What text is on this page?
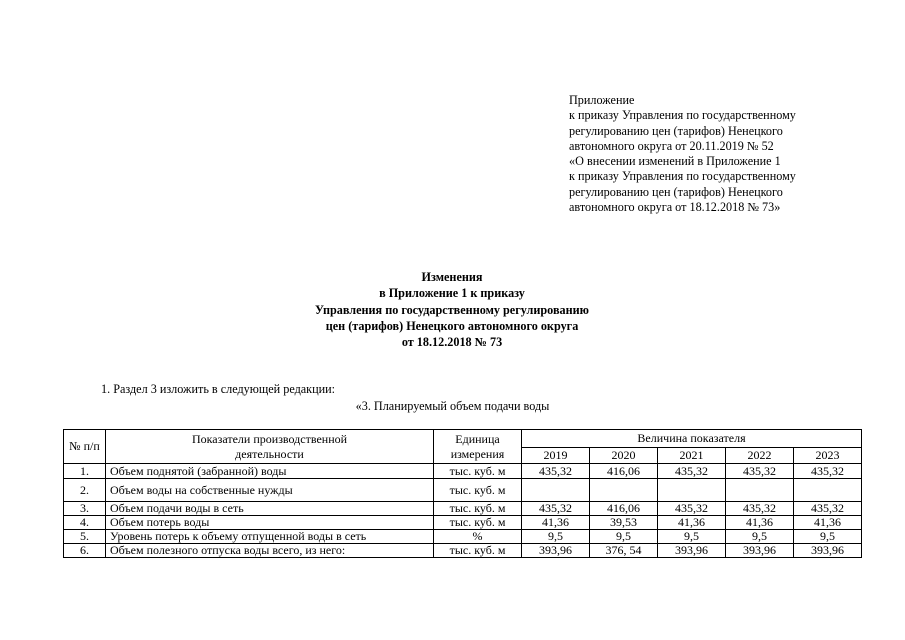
Приложение
к приказу Управления по государственному
регулированию цен (тарифов) Ненецкого
автономного округа от 20.11.2019 № 52
«О внесении изменений в Приложение 1
к приказу Управления по государственному
регулированию цен (тарифов) Ненецкого
автономного округа от 18.12.2018 № 73»
Изменения
в Приложение 1 к приказу
Управления по государственному регулированию
цен (тарифов) Ненецкого автономного округа
от 18.12.2018 № 73
1. Раздел 3 изложить в следующей редакции:
«3. Планируемый объем подачи воды
№ п/п	Показатели производственной деятельности	Единица измерения	Величина показателя				
			2019	2020	2021	2022	2023
1.	Объем поднятой (забранной) воды	тыс. куб. м	435,32	416,06	435,32	435,32	435,32
2.	Объем воды на собственные нужды	тыс. куб. м					
3.	Объем подачи воды в сеть	тыс. куб. м	435,32	416,06	435,32	435,32	435,32
4.	Объем потерь воды	тыс. куб. м	41,36	39,53	41,36	41,36	41,36
5.	Уровень потерь к объему отпущенной воды в сеть	%	9,5	9,5	9,5	9,5	9,5
6.	Объем полезного отпуска воды всего, из него:	тыс. куб. м	393,96	376, 54	393,96	393,96	393,96
